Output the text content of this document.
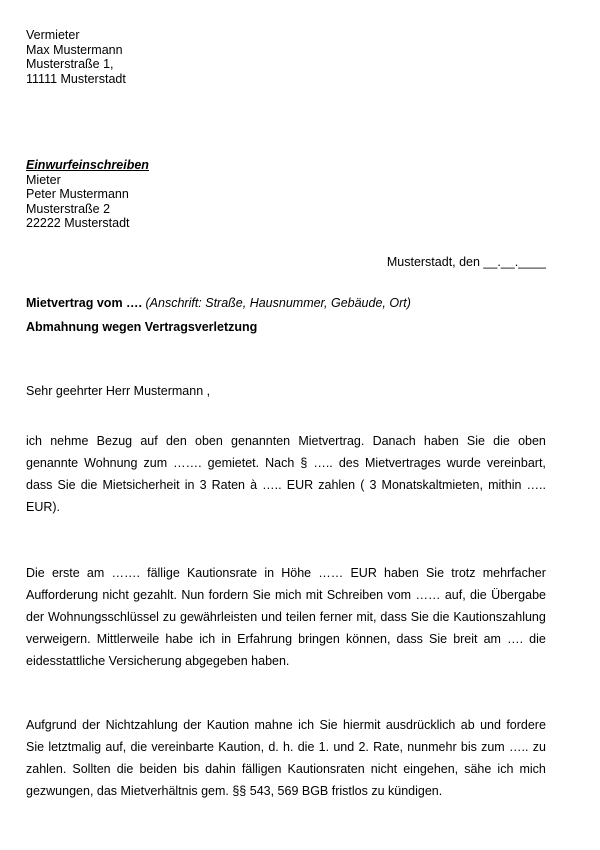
Vermieter
Max Mustermann
Musterstraße 1,
11111 Musterstadt
Einwurfeinschreiben
Mieter
Peter Mustermann
Musterstraße 2
22222 Musterstadt
Musterstadt, den __.__.____
Mietvertrag vom …. (Anschrift: Straße, Hausnummer, Gebäude, Ort)
Abmahnung wegen Vertragsverletzung
Sehr geehrter Herr Mustermann ,
ich nehme Bezug auf den oben genannten Mietvertrag. Danach haben Sie die oben
genannte Wohnung zum ……. gemietet. Nach § ….. des Mietvertrages wurde vereinbart,
dass Sie die Mietsicherheit in 3 Raten à ….. EUR zahlen ( 3 Monatskaltmieten, mithin …..
EUR).
Die erste am ……. fällige Kautionsrate in Höhe …… EUR haben Sie trotz mehrfacher
Aufforderung nicht gezahlt. Nun fordern Sie mich mit Schreiben vom …… auf, die Übergabe
der Wohnungsschlüssel zu gewährleisten und teilen ferner mit, dass Sie die Kautionszahlung
verweigern. Mittlerweile habe ich in Erfahrung bringen können, dass Sie breit am …. die
eidesstattliche Versicherung abgegeben haben.
Aufgrund der Nichtzahlung der Kaution mahne ich Sie hiermit ausdrücklich ab und fordere
Sie letztmalig auf, die vereinbarte Kaution, d. h. die 1. und 2. Rate, nunmehr bis zum ….. zu
zahlen. Sollten die beiden bis dahin fälligen Kautionsraten nicht eingehen, sähe ich mich
gezwungen, das Mietverhältnis gem. §§ 543, 569 BGB fristlos zu kündigen.
